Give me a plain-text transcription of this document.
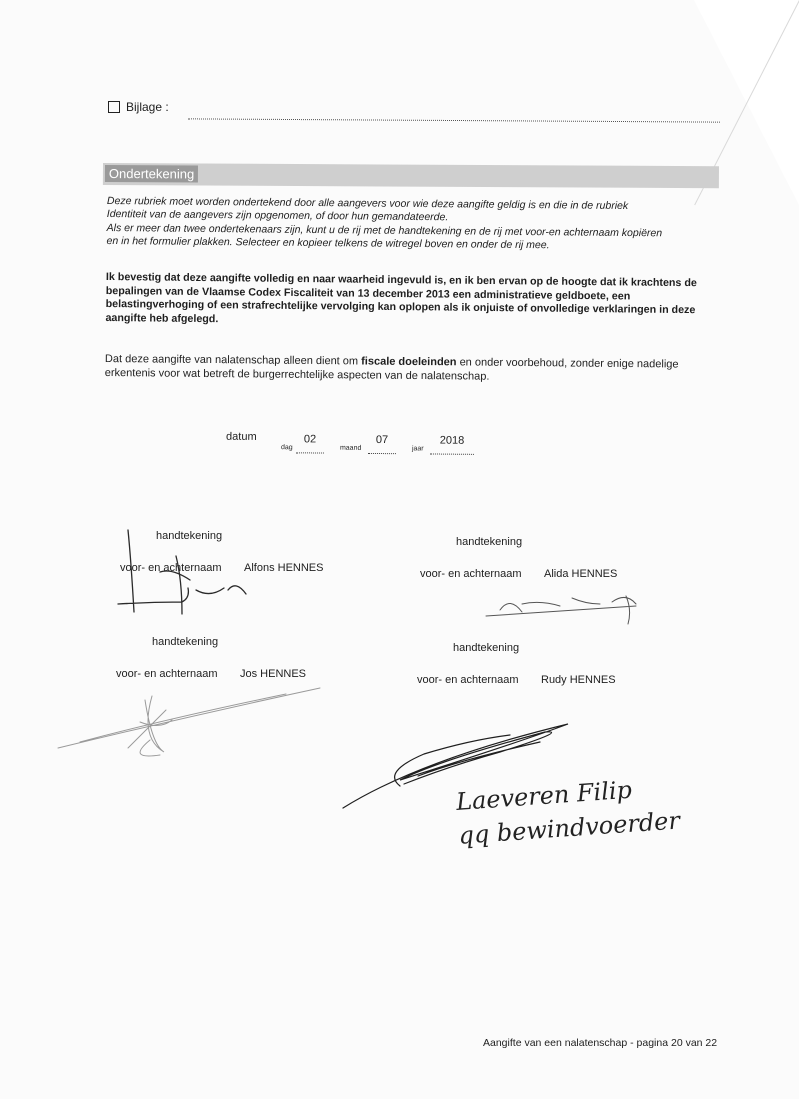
Bijlage :
Ondertekening

Deze rubriek moet worden ondertekend door alle aangevers voor wie deze aangifte geldig is en die in de rubriek

Identiteit van de aangevers zijn opgenomen, of door hun gemandateerde.

Als er meer dan twee ondertekenaars zijn, kunt u de rij met de handtekening en de rij met voor-en achternaam kopiëren

en in het formulier plakken. Selecteer en kopieer telkens de witregel boven en onder de rij mee.

Ik bevestig dat deze aangifte volledig en naar waarheid ingevuld is, en ik ben ervan op de hoogte dat ik krachtens de bepalingen van de Vlaamse Codex Fiscaliteit van 13 december 2013 een administratieve geldboete, een belastingverhoging of een strafrechtelijke vervolging kan oplopen als ik onjuiste of onvolledige verklaringen in deze aangifte heb afgelegd.
Dat deze aangifte van nalatenschap alleen dient om fiscale doeleinden en onder voorbehoud, zonder enige nadelige erkentenis voor wat betreft de burgerrechtelijke aspecten van de nalatenschap.
datum
dag
02
maand
07
jaar
2018
handtekening
voor- en achternaam Alfons HENNES
handtekening
voor- en achternaam Alida HENNES
handtekening
voor- en achternaam Jos HENNES
handtekening
voor- en achternaam Rudy HENNES
Laeveren Filip
qq bewindvoerder
Aangifte van een nalatenschap - pagina 20 van 22
